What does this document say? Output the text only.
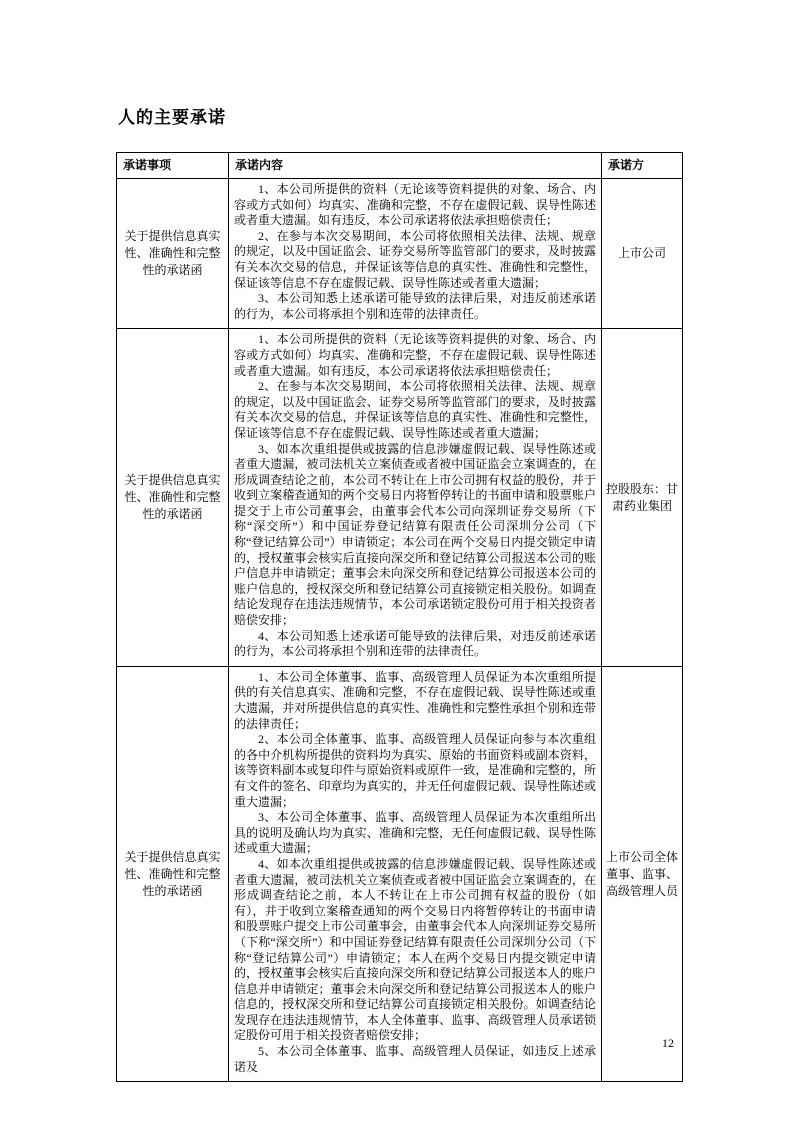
人的主要承诺
承诺事项	承诺内容	承诺方
关于提供信息真实性、准确性和完整性的承诺函	1、本公司所提供的资料（无论该等资料提供的对象、场合、内容或方式如何）均真实、准确和完整，不存在虚假记载、误导性陈述或者重大遗漏。如有违反，本公司承诺将依法承担赔偿责任；

2、在参与本次交易期间，本公司将依照相关法律、法规、规章的规定，以及中国证监会、证券交易所等监管部门的要求，及时披露有关本次交易的信息，并保证该等信息的真实性、准确性和完整性，保证该等信息不存在虚假记载、误导性陈述或者重大遗漏；

3、本公司知悉上述承诺可能导致的法律后果，对违反前述承诺的行为，本公司将承担个别和连带的法律责任。	上市公司
关于提供信息真实性、准确性和完整性的承诺函	1、本公司所提供的资料（无论该等资料提供的对象、场合、内容或方式如何）均真实、准确和完整，不存在虚假记载、误导性陈述或者重大遗漏。如有违反，本公司承诺将依法承担赔偿责任；

2、在参与本次交易期间，本公司将依照相关法律、法规、规章的规定，以及中国证监会、证券交易所等监管部门的要求，及时披露有关本次交易的信息，并保证该等信息的真实性、准确性和完整性，保证该等信息不存在虚假记载、误导性陈述或者重大遗漏；

3、如本次重组提供或披露的信息涉嫌虚假记载、误导性陈述或者重大遗漏，被司法机关立案侦查或者被中国证监会立案调查的，在形成调查结论之前，本公司不转让在上市公司拥有权益的股份，并于收到立案稽查通知的两个交易日内将暂停转让的书面申请和股票账户提交于上市公司董事会，由董事会代本公司向深圳证券交易所（下称“深交所”）和中国证券登记结算有限责任公司深圳分公司（下称“登记结算公司”）申请锁定；本公司在两个交易日内提交锁定申请的，授权董事会核实后直接向深交所和登记结算公司报送本公司的账户信息并申请锁定；董事会未向深交所和登记结算公司报送本公司的账户信息的，授权深交所和登记结算公司直接锁定相关股份。如调查结论发现存在违法违规情节，本公司承诺锁定股份可用于相关投资者赔偿安排；

4、本公司知悉上述承诺可能导致的法律后果，对违反前述承诺的行为，本公司将承担个别和连带的法律责任。	控股股东：甘肃药业集团
关于提供信息真实性、准确性和完整性的承诺函	1、本公司全体董事、监事、高级管理人员保证为本次重组所提供的有关信息真实、准确和完整，不存在虚假记载、误导性陈述或重大遗漏，并对所提供信息的真实性、准确性和完整性承担个别和连带的法律责任；

2、本公司全体董事、监事、高级管理人员保证向参与本次重组的各中介机构所提供的资料均为真实、原始的书面资料或副本资料，该等资料副本或复印件与原始资料或原件一致，是准确和完整的，所有文件的签名、印章均为真实的，并无任何虚假记载、误导性陈述或重大遗漏；

3、本公司全体董事、监事、高级管理人员保证为本次重组所出具的说明及确认均为真实、准确和完整，无任何虚假记载、误导性陈述或重大遗漏；

4、如本次重组提供或披露的信息涉嫌虚假记载、误导性陈述或者重大遗漏，被司法机关立案侦查或者被中国证监会立案调查的，在形成调查结论之前，本人不转让在上市公司拥有权益的股份（如有），并于收到立案稽查通知的两个交易日内将暂停转让的书面申请和股票账户提交上市公司董事会，由董事会代本人向深圳证券交易所（下称“深交所”）和中国证券登记结算有限责任公司深圳分公司（下称“登记结算公司”）申请锁定；本人在两个交易日内提交锁定申请的，授权董事会核实后直接向深交所和登记结算公司报送本人的账户信息并申请锁定；董事会未向深交所和登记结算公司报送本人的账户信息的，授权深交所和登记结算公司直接锁定相关股份。如调查结论发现存在违法违规情节，本人全体董事、监事、高级管理人员承诺锁定股份可用于相关投资者赔偿安排；

5、本公司全体董事、监事、高级管理人员保证，如违反上述承诺及	上市公司全体董事、监事、高级管理人员
12
